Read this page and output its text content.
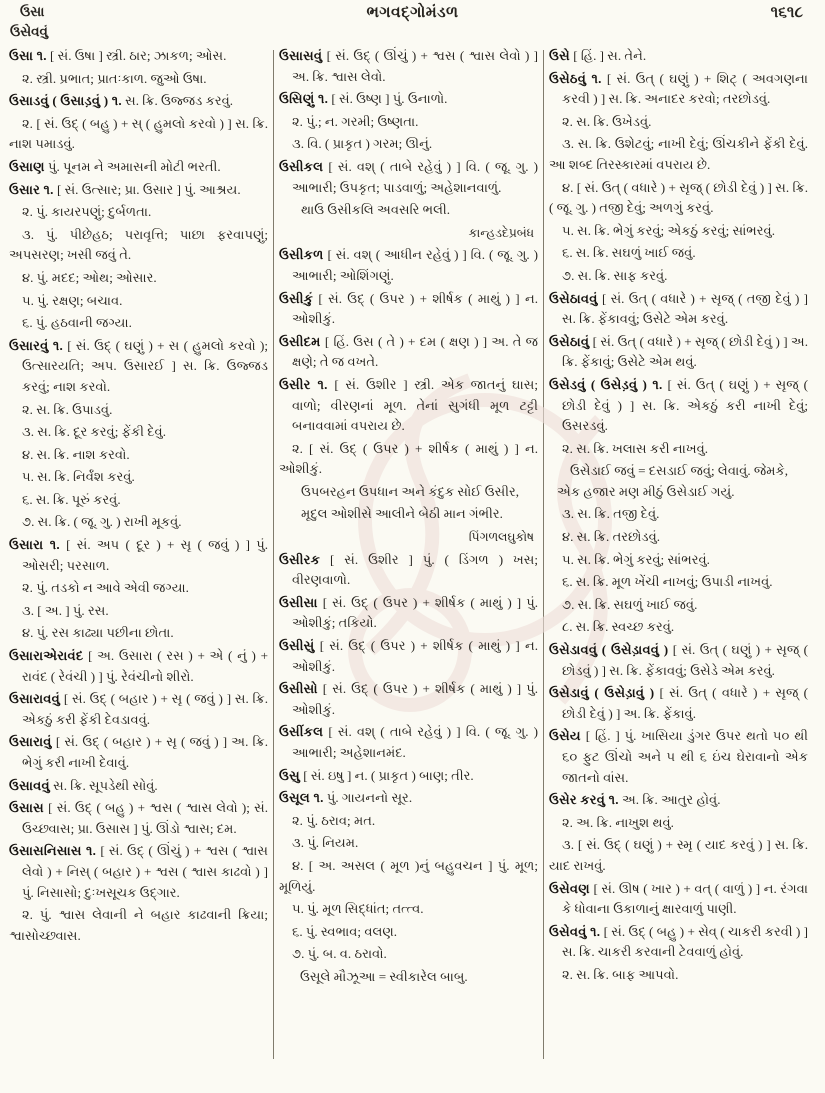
ઉસા
ઉસેવવું
ભગવદ્ગોમંડળ	૧૬૧૮

ઉસા ૧. [ સં. ઉષા ] સ્ત્રી. ઠાર; ઝાકળ; ઓસ.

૨. સ્ત્રી. પ્રભાત; પ્રાતઃકાળ. જુઓ ઉષા.

ઉસાડવું ( ઉસાડ઼વું ) ૧. સ. ક્રિ. ઉજ્જડ કરવું.

૨. [ સં. ઉદ્ ( બહુ ) + સ્ ( હુમલો કરવો ) ] સ. ક્રિ. નાશ પમાડવું.

ઉસાણ પું. પૂનમ ને અમાસની મોટી ભરતી.

ઉસાર ૧. [ સં. ઉત્સાર; પ્રા. ઉસાર ] પું. આશ્રય.

૨. પું. કાયરપણું; દુર્બળતા.

૩. પું. પીછેહઠ; પરાવૃત્તિ; પાછા ફરવાપણું; અપસરણ; ખસી જવું તે.

૪. પું. મદદ; ઓથ; ઓસાર.

૫. પું. રક્ષણ; બચાવ.

૬. પું. હઠવાની જગ્યા.

ઉસારવું ૧. [ સં. ઉદ્ ( ઘણું ) + સ ( હુમલો કરવો ); ઉત્સારયતિ; અપ. ઉસારઈ ] સ. ક્રિ. ઉજ્જડ કરવું; નાશ કરવો.

૨. સ. ક્રિ. ઉપાડવું.

૩. સ. ક્રિ. દૂર કરવું; ફેંકી દેવું.

૪. સ. ક્રિ. નાશ કરવો.

૫. સ. ક્રિ. નિર્વંશ કરવું.

૬. સ. ક્રિ. પૂરું કરવું.

૭. સ. ક્રિ. ( જૂ. ગુ. ) રાખી મૂકવું.

ઉસારા ૧. [ સં. અપ ( દૂર ) + સૃ ( જવું ) ] પું. ઓસરી; પરસાળ.

૨. પું. તડકો ન આવે એવી જગ્યા.

૩. [ અ. ] પું. રસ.

૪. પું. રસ કાઢ્યા પછીના છોતા.

ઉસારાએરાવંદ [ અ. ઉસારા ( રસ ) + એ ( નું ) + રાવંદ ( રેવંચી ) ] પું. રેવંચીનો શીરો.

ઉસારાવવું [ સં. ઉદ્ ( બહાર ) + સૃ ( જવું ) ] સ. ક્રિ. એકઠું કરી ફેંકી દેવડાવવું.

ઉસારાવું [ સં. ઉદ્ ( બહાર ) + સૃ ( જવું ) ] અ. ક્રિ. ભેગું કરી નાખી દેવાવું.

ઉસાવવું સ. ક્રિ. સૂપડેથી સોવું.

ઉસાસ [ સં. ઉદ્ ( બહુ ) + શ્વસ ( શ્વાસ લેવો ); સં. ઉચ્છ્વાસ; પ્રા. ઉસાસ ] પું. ઊંડો શ્વાસ; દમ.

ઉસાસનિસાસ ૧. [ સં. ઉદ્ ( ઊંચું ) + શ્વસ ( શ્વાસ લેવો ) + નિસ્ ( બહાર ) + શ્વસ ( શ્વાસ કાઢવો ) ] પું. નિસાસો; દુઃખસૂચક ઉદ્ગાર.

૨. પું. શ્વાસ લેવાની ને બહાર કાઢવાની ક્રિયા; શ્વાસોચ્છ્વાસ.

ઉસાસવું [ સં. ઉદ્ ( ઊંચું ) + શ્વસ ( શ્વાસ લેવો ) ] અ. ક્રિ. શ્વાસ લેવો.

ઉસિણું ૧. [ સં. ઉષ્ણ ] પું. ઉનાળો.

૨. પું.; ન. ગરમી; ઉષ્ણતા.

૩. વિ. ( પ્રાકૃત ) ગરમ; ઊનું.

ઉસીકલ [ સં. વશ્ ( તાબે રહેવું ) ] વિ. ( જૂ. ગુ. ) આભારી; ઉપકૃત; પાડવાળું; અહેશાનવાળું.

થાઉ ઉસીકલિ અવસરિ ભલી.

કાન્હડદેપ્રબંધ

ઉસીકળ [ સં. વશ્ ( આધીન રહેવું ) ] વિ. ( જૂ. ગુ. ) આભારી; ઓશિંગણું.

ઉસીકું [ સં. ઉદ્ ( ઉપર ) + શીર્ષક ( માથું ) ] ન. ઓશીકું.

ઉસીદમ [ હિં. ઉસ ( તે ) + દમ ( ક્ષણ ) ] અ. તે જ ક્ષણે; તે જ વખતે.

ઉસીર ૧. [ સં. ઉશીર ] સ્ત્રી. એક જાતનું ઘાસ; વાળો; વીરણનાં મૂળ. તેનાં સુગંધી મૂળ ટટ્ટી બનાવવામાં વપરાય છે.

૨. [ સં. ઉદ્ ( ઉપર ) + શીર્ષક ( માથું ) ] ન. ઓશીકું.

ઉપબરહન ઉપધાન અને કંદુક સોઈ ઉસીર,

મૃદુલ ઓશીસે આલીને બેઠી માન ગંભીર.

પિંગળલઘુકોષ

ઉસીરક [ સં. ઉશીર ] પું. ( ડિંગળ ) ખસ; વીરણવાળો.

ઉસીસા [ સં. ઉદ્ ( ઉપર ) + શીર્ષક ( માથું ) ] પું. ઓશીકું; તકિયો.

ઉસીસું [ સં. ઉદ્ ( ઉપર ) + શીર્ષક ( માથું ) ] ન. ઓશીકું.

ઉસીસો [ સં. ઉદ્ ( ઉપર ) + શીર્ષક ( માથું ) ] પું. ઓશીકું.

ઉસીંકલ [ સં. વશ્ ( તાબે રહેવું ) ] વિ. ( જૂ. ગુ. ) આભારી; અહેશાનમંદ.

ઉસુ [ સં. ઇષુ ] ન. ( પ્રાકૃત ) બાણ; તીર.

ઉસૂલ ૧. પું. ગાયનનો સૂર.

૨. પું. ઠરાવ; મત.

૩. પું. નિયમ.

૪. [ અ. અસલ ( મૂળ )નું બહુવચન ] પું. મૂળ; મૂળિયું.

૫. પું. મૂળ સિદ્ધાંત; તત્ત્વ.

૬. પું. સ્વભાવ; વલણ.

૭. પું. બ. વ. ઠરાવો.

ઉસૂલે મૌઝૂઆ = સ્વીકારેલ બાબુ.

ઉસે [ હિં. ] સ. તેને.

ઉસેઠવું ૧. [ સં. ઉત્ ( ઘણું ) + શિટ્ ( અવગણના કરવી ) ] સ. ક્રિ. અનાદર કરવો; તરછોડવું.

૨. સ. ક્રિ. ઉખેડવું.

૩. સ. ક્રિ. ઉશેટવું; નાખી દેવું; ઊંચકીને ફેંકી દેવું. આ શબ્દ તિરસ્કારમાં વપરાય છે.

૪. [ સં. ઉત્ ( વધારે ) + સૃજ્ ( છોડી દેવું ) ] સ. ક્રિ. ( જૂ. ગુ. ) તજી દેવું; અળગું કરવું.

૫. સ. ક્રિ. ભેગું કરવું; એકઠું કરવું; સાંભરવું.

૬. સ. ક્રિ. સઘળું ખાઈ જવું.

૭. સ. ક્રિ. સાફ કરવું.

ઉસેઠાવવું [ સં. ઉત્ ( વધારે ) + સૃજ્ ( તજી દેવું ) ] સ. ક્રિ. ફેંકાવવું; ઉસેટે એમ કરવું.

ઉસેઠાવું [ સં. ઉત્ ( વધારે ) + સૃજ્ ( છોડી દેવું ) ] અ. ક્રિ. ફેંકાવું; ઉસેટે એમ થવું.

ઉસેડવું ( ઉસેડ઼વું ) ૧. [ સં. ઉત્ ( ઘણું ) + સૃજ્ ( છોડી દેવું ) ] સ. ક્રિ. એકઠું કરી નાખી દેવું; ઉસરડવું.

૨. સ. ક્રિ. ખલાસ કરી નાખવું.

ઉસેડાઈ જવું = દસડાઈ જવું; લેવાવું. જેમકે, એક હજાર મણ મીઠું ઉસેડાઈ ગયું.

૩. સ. ક્રિ. તજી દેવું.

૪. સ. ક્રિ. તરછોડવું.

૫. સ. ક્રિ. ભેગું કરવું; સાંભરવું.

૬. સ. ક્રિ. મૂળ ખેંચી નાખવું; ઉપાડી નાખવું.

૭. સ. ક્રિ. સઘળું ખાઈ જવું.

૮. સ. ક્રિ. સ્વચ્છ કરવું.

ઉસેડાવવું ( ઉસેડ઼ાવવું ) [ સં. ઉત્ ( ઘણું ) + સૃજ્ ( છોડવું ) ] સ. ક્રિ. ફેંકાવવું; ઉસેડે એમ કરવું.

ઉસેડાવું ( ઉસેડ઼ાવું ) [ સં. ઉત્ ( વધારે ) + સૃજ્ ( છોડી દેવું ) ] અ. ક્રિ. ફેંકાવું.

ઉસેય [ હિં. ] પું. ખાસિયા ડુંગર ઉપર થતો ૫૦ થી ૬૦ ફુટ ઊંચો અને ૫ થી ૬ ઇંચ ઘેરાવાનો એક જાતનો વાંસ.

ઉસેર કરવું ૧. અ. ક્રિ. આતુર હોવું.

૨. અ. ક્રિ. નાખુશ થવું.

૩. [ સં. ઉદ્ ( ઘણું ) + સ્મૃ ( યાદ કરવું ) ] સ. ક્રિ. યાદ રાખવું.

ઉસેવણ [ સં. ઊષ ( ખાર ) + વત્ ( વાળું ) ] ન. રંગવા કે ધોવાના ઉકાળાનું ક્ષારવાળું પાણી.

ઉસેવવું ૧. [ સં. ઉદ્ ( બહુ ) + સેવ્ ( ચાકરી કરવી ) ] સ. ક્રિ. ચાકરી કરવાની ટેવવાળું હોવું.

૨. સ. ક્રિ. બાફ આપવો.
